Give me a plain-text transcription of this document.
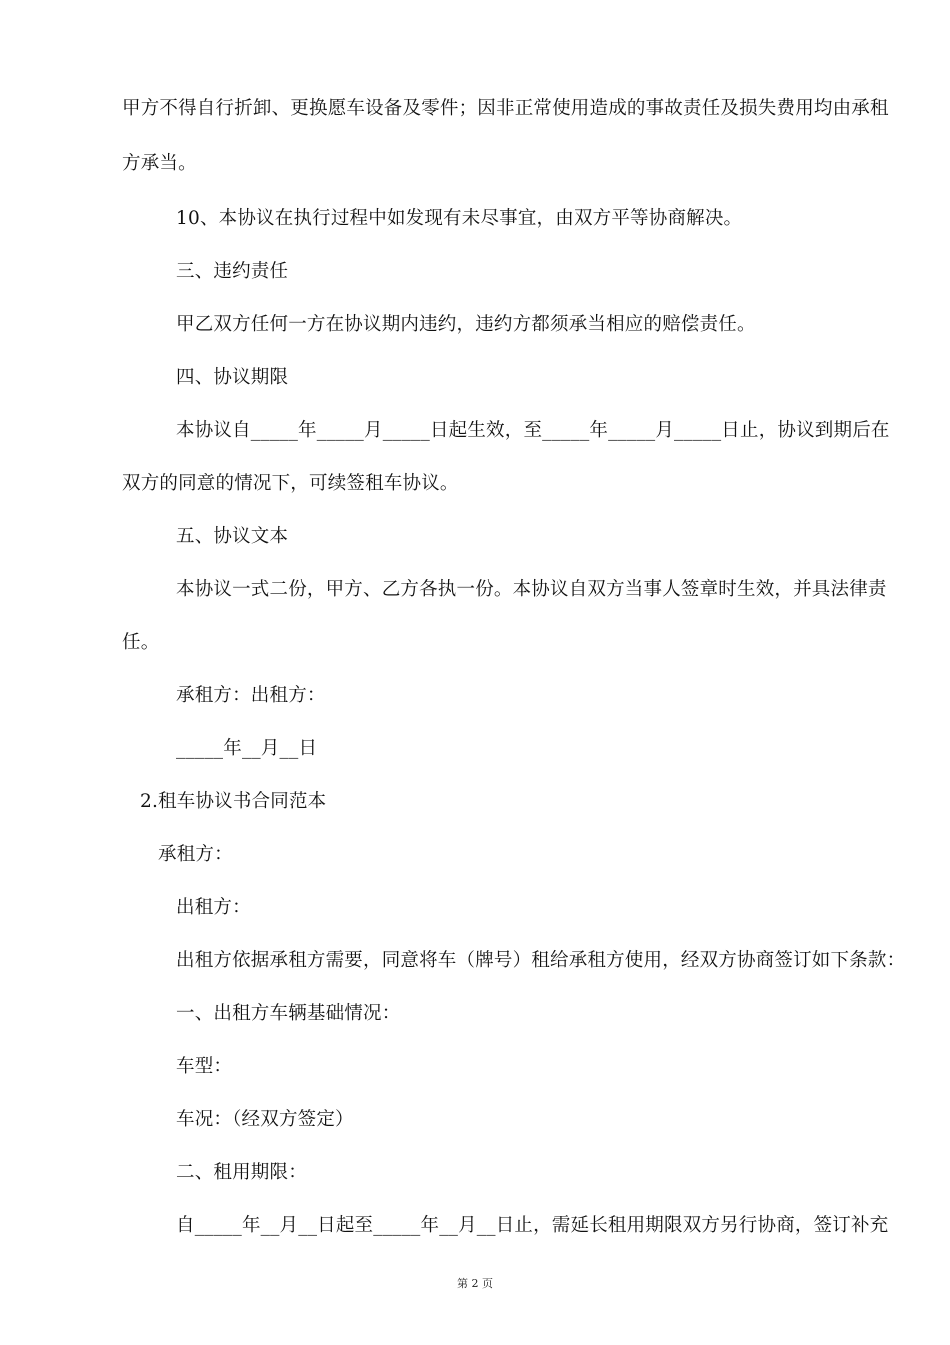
甲方不得自行折卸、更换愿车设备及零件；因非正常使用造成的事故责任及损失费用均由承租
方承当。
10、本协议在执行过程中如发现有未尽事宜，由双方平等协商解决。
三、违约责任
甲乙双方任何一方在协议期内违约，违约方都须承当相应的赔偿责任。
四、协议期限
本协议自_____年_____月_____日起生效，至_____年_____月_____日止，协议到期后在
双方的同意的情况下，可续签租车协议。
五、协议文本
本协议一式二份，甲方、乙方各执一份。本协议自双方当事人签章时生效，并具法律责
任。
承租方：出租方：
_____年__月__日
2.租车协议书合同范本
承租方：
出租方：
出租方依据承租方需要，同意将车（牌号）租给承租方使用，经双方协商签订如下条款：
一、出租方车辆基础情况：
车型：
车况：（经双方签定）
二、租用期限：
自_____年__月__日起至_____年__月__日止，需延长租用期限双方另行协商，签订补充
第 2 页
